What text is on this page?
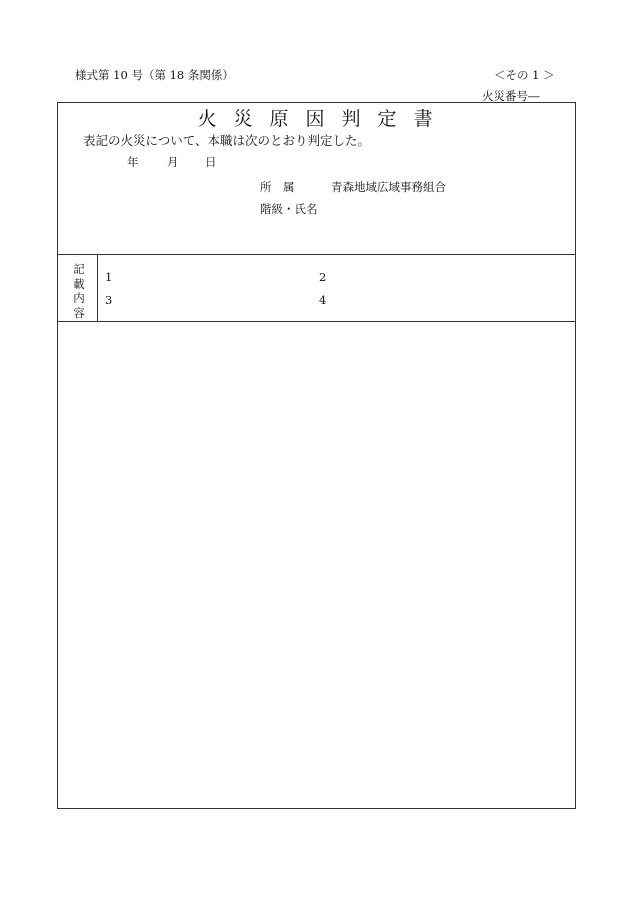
様式第 10 号（第 18 条関係）	＜その 1 ＞
火災番号―
火災原因判定書
表記の火災について、本職は次のとおり判定した。
年 月 日
所　属	青森地域広域事務組合
階級・氏名
記
載
内
容
1	2
3	4
